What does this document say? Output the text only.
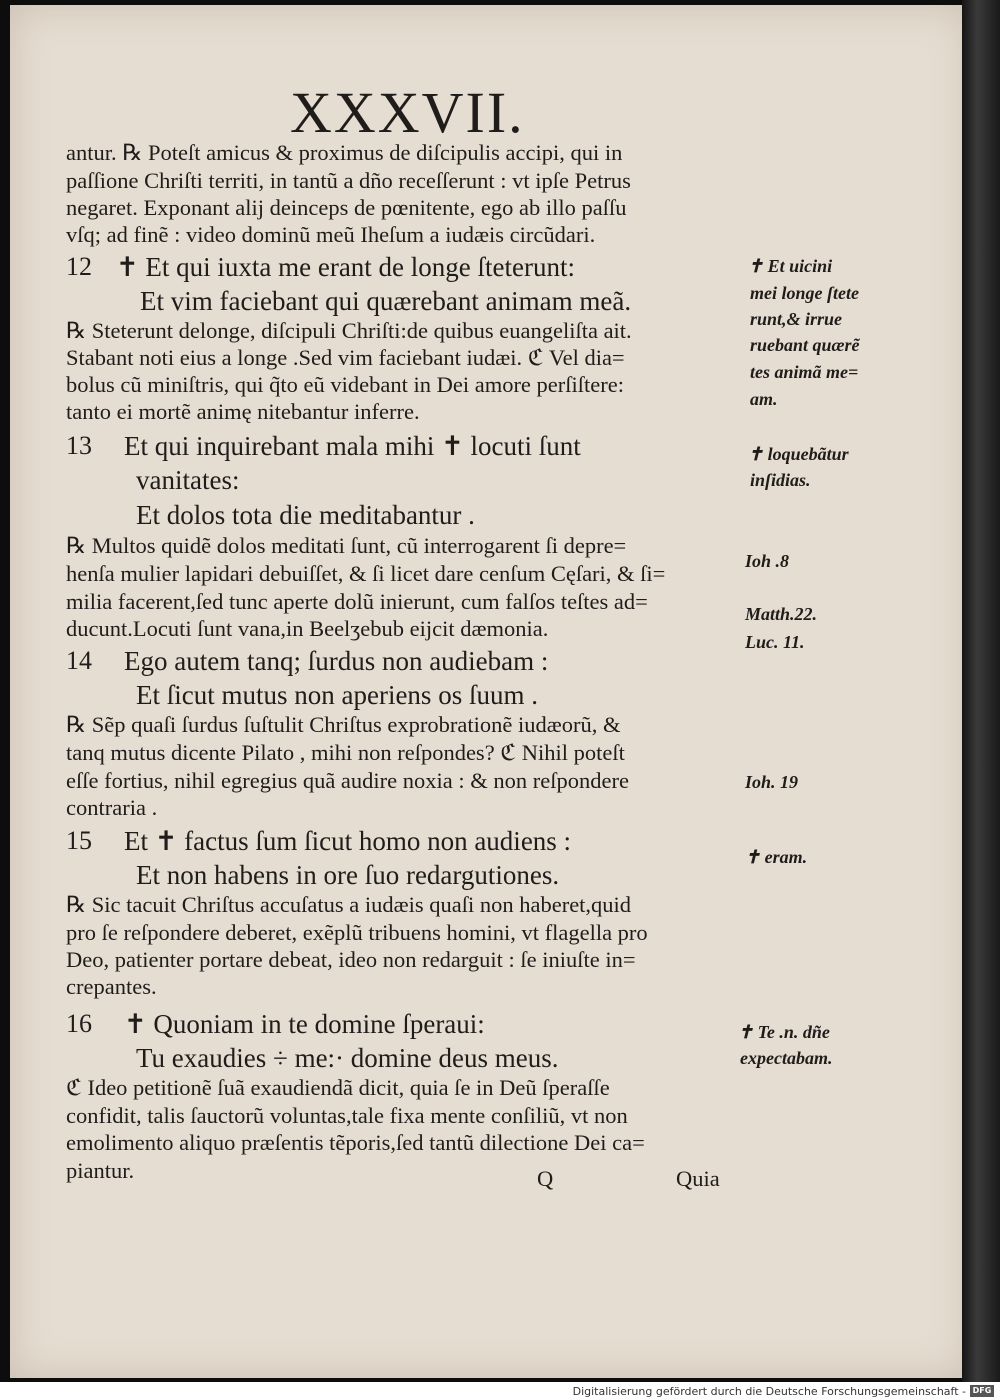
XXXVII.
antur. ℞ Poteſt amicus & proximus de diſcipulis accipi, qui in
paſſione Chriſti territi, in tantũ a dño receſſerunt : vt ipſe Petrus
negaret. Exponant alij deinceps de pœnitente, ego ab illo paſſu
vſq; ad finẽ : video dominũ meũ Iheſum a iudæis circũdari.
12 ✝ Et qui iuxta me erant de longe ſteterunt:
Et vim faciebant qui quærebant animam meã.
℞ Steterunt delonge, diſcipuli Chriſti:de quibus euangeliſta ait.
Stabant noti eius a longe .Sed vim faciebant iudæi. ℭ Vel dia=
bolus cũ miniſtris, qui q̃to eũ videbant in Dei amore perſiſtere:
tanto ei mortẽ animę nitebantur inferre.
13 Et qui inquirebant mala mihi ✝ locuti ſunt
vanitates:
Et dolos tota die meditabantur .
℞ Multos quidẽ dolos meditati ſunt, cũ interrogarent ſi depre=
henſa mulier lapidari debuiſſet, & ſi licet dare cenſum Cęſari, & ſi=
milia facerent,ſed tunc aperte dolũ inierunt, cum falſos teſtes ad=
ducunt.Locuti ſunt vana,in Beelʒebub eijcit dæmonia.
14 Ego autem tanq; ſurdus non audiebam :
Et ſicut mutus non aperiens os ſuum .
℞ Sẽp quaſi ſurdus ſuſtulit Chriſtus exprobrationẽ iudæorũ, &
tanq mutus dicente Pilato , mihi non reſpondes? ℭ Nihil poteſt
eſſe fortius, nihil egregius quã audire noxia : & non reſpondere
contraria .
15 Et ✝ factus ſum ſicut homo non audiens :
Et non habens in ore ſuo redargutiones.
℞ Sic tacuit Chriſtus accuſatus a iudæis quaſi non haberet,quid
pro ſe reſpondere deberet, exẽplũ tribuens homini, vt flagella pro
Deo, patienter portare debeat, ideo non redarguit : ſe iniuſte in=
crepantes.
16 ✝ Quoniam in te domine ſperaui:
Tu exaudies ÷ me:· domine deus meus.
ℭ Ideo petitionẽ ſuã exaudiendã dicit, quia ſe in Deũ ſperaſſe
confidit, talis ſauctorũ voluntas,tale fixa mente conſiliũ, vt non
emolimento aliquo præſentis tẽporis,ſed tantũ dilectione Dei ca=
piantur.	Q	Quia
✝ Et uicini
mei longe ſtete
runt,& irrue
ruebant quærẽ
tes animã me=
am.
✝ loquebãtur
inſidias.
Ioh .8
Matth.22.
Luc. 11.
Ioh. 19
✝ eram.
✝ Te .n. dñe
expectabam.
Digitalisierung gefördert durch die Deutsche Forschungsgemeinschaft - DFG
